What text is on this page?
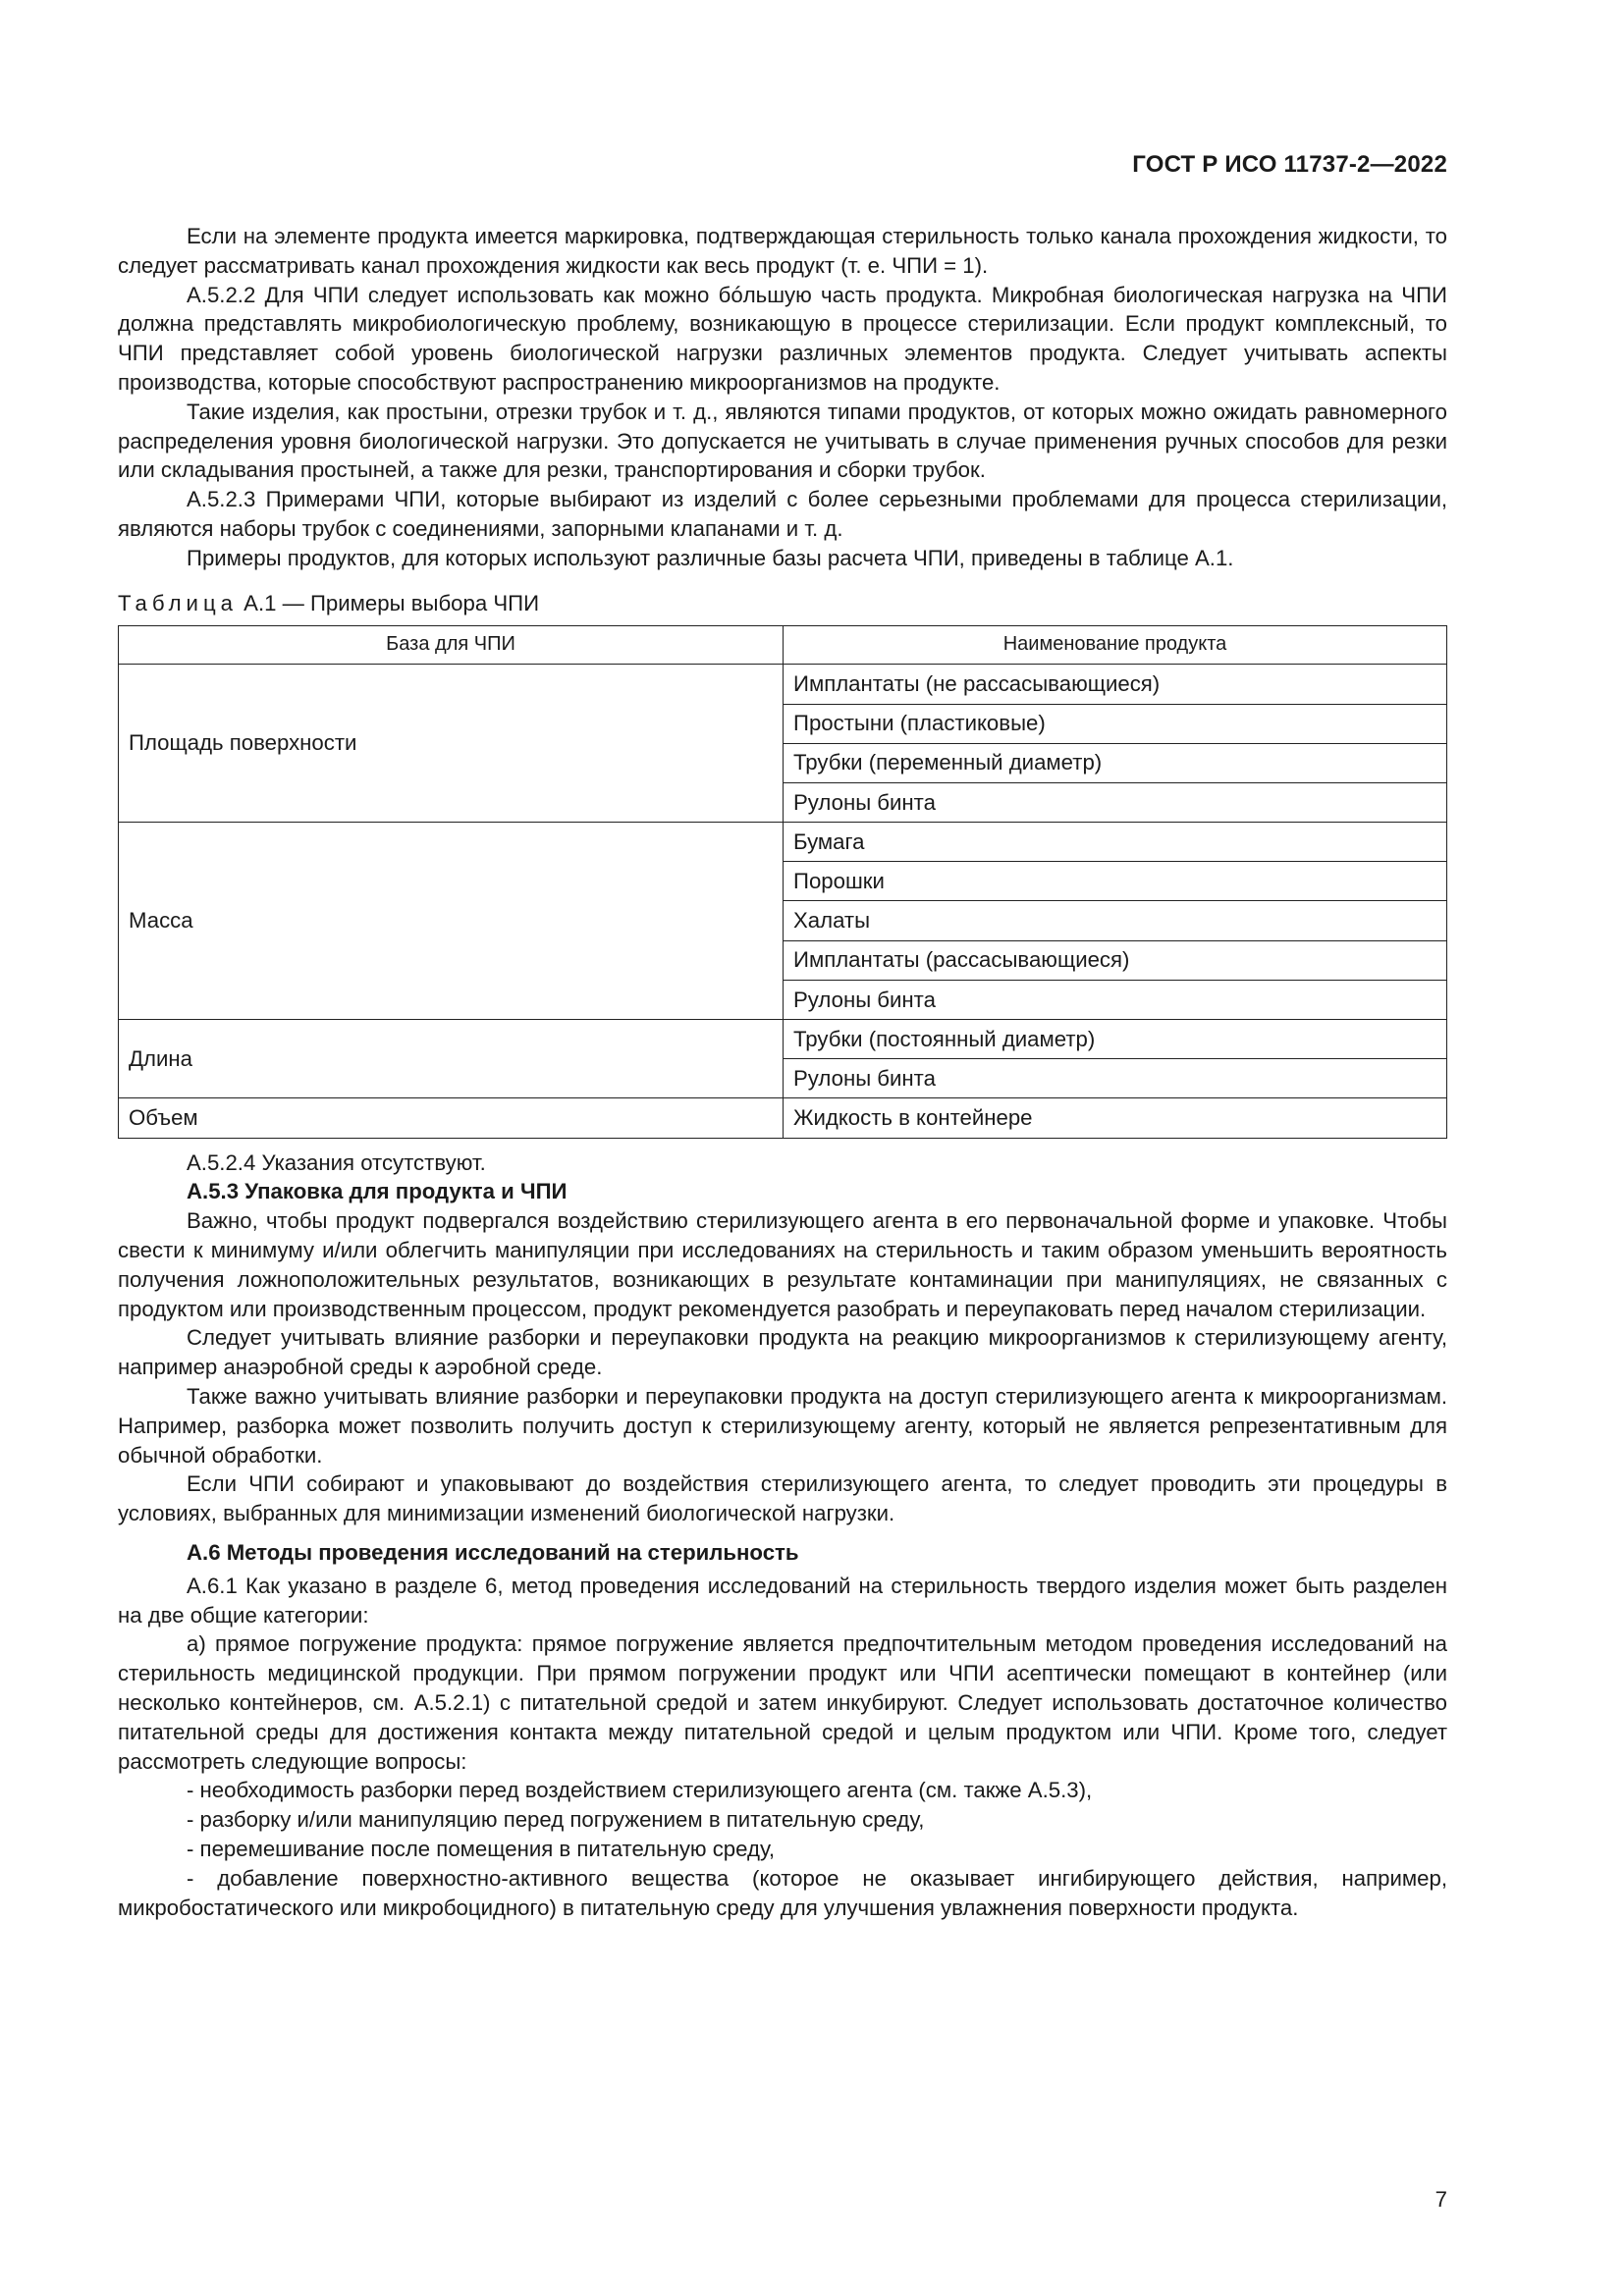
ГОСТ Р ИСО 11737-2—2022

Если на элементе продукта имеется маркировка, подтверждающая стерильность только канала прохождения жидкости, то следует рассматривать канал прохождения жидкости как весь продукт (т. е. ЧПИ = 1).

А.5.2.2 Для ЧПИ следует использовать как можно бóльшую часть продукта. Микробная биологическая нагрузка на ЧПИ должна представлять микробиологическую проблему, возникающую в процессе стерилизации. Если продукт комплексный, то ЧПИ представляет собой уровень биологической нагрузки различных элементов продукта. Следует учитывать аспекты производства, которые способствуют распространению микроорганизмов на продукте.

Такие изделия, как простыни, отрезки трубок и т. д., являются типами продуктов, от которых можно ожидать равномерного распределения уровня биологической нагрузки. Это допускается не учитывать в случае применения ручных способов для резки или складывания простыней, а также для резки, транспортирования и сборки трубок.

А.5.2.3 Примерами ЧПИ, которые выбирают из изделий с более серьезными проблемами для процесса стерилизации, являются наборы трубок с соединениями, запорными клапанами и т. д.

Примеры продуктов, для которых используют различные базы расчета ЧПИ, приведены в таблице А.1.

Таблица А.1 — Примеры выбора ЧПИ
База для ЧПИ	Наименование продукта
Площадь поверхности	Имплантаты (не рассасывающиеся)
	Простыни (пластиковые)
	Трубки (переменный диаметр)
	Рулоны бинта
Масса	Бумага
	Порошки
	Халаты
	Имплантаты (рассасывающиеся)
	Рулоны бинта
Длина	Трубки (постоянный диаметр)
	Рулоны бинта
Объем	Жидкость в контейнере

А.5.2.4 Указания отсутствуют.

А.5.3 Упаковка для продукта и ЧПИ

Важно, чтобы продукт подвергался воздействию стерилизующего агента в его первоначальной форме и упаковке. Чтобы свести к минимуму и/или облегчить манипуляции при исследованиях на стерильность и таким образом уменьшить вероятность получения ложноположительных результатов, возникающих в результате контаминации при манипуляциях, не связанных с продуктом или производственным процессом, продукт рекомендуется разобрать и переупаковать перед началом стерилизации.

Следует учитывать влияние разборки и переупаковки продукта на реакцию микроорганизмов к стерилизующему агенту, например анаэробной среды к аэробной среде.

Также важно учитывать влияние разборки и переупаковки продукта на доступ стерилизующего агента к микроорганизмам. Например, разборка может позволить получить доступ к стерилизующему агенту, который не является репрезентативным для обычной обработки.

Если ЧПИ собирают и упаковывают до воздействия стерилизующего агента, то следует проводить эти процедуры в условиях, выбранных для минимизации изменений биологической нагрузки.

А.6 Методы проведения исследований на стерильность

А.6.1 Как указано в разделе 6, метод проведения исследований на стерильность твердого изделия может быть разделен на две общие категории:

а) прямое погружение продукта: прямое погружение является предпочтительным методом проведения исследований на стерильность медицинской продукции. При прямом погружении продукт или ЧПИ асептически помещают в контейнер (или несколько контейнеров, см. А.5.2.1) с питательной средой и затем инкубируют. Следует использовать достаточное количество питательной среды для достижения контакта между питательной средой и целым продуктом или ЧПИ. Кроме того, следует рассмотреть следующие вопросы:

- необходимость разборки перед воздействием стерилизующего агента (см. также А.5.3),

- разборку и/или манипуляцию перед погружением в питательную среду,

- перемешивание после помещения в питательную среду,

- добавление поверхностно-активного вещества (которое не оказывает ингибирующего действия, например, микробостатического или микробоцидного) в питательную среду для улучшения увлажнения поверхности продукта.

7
